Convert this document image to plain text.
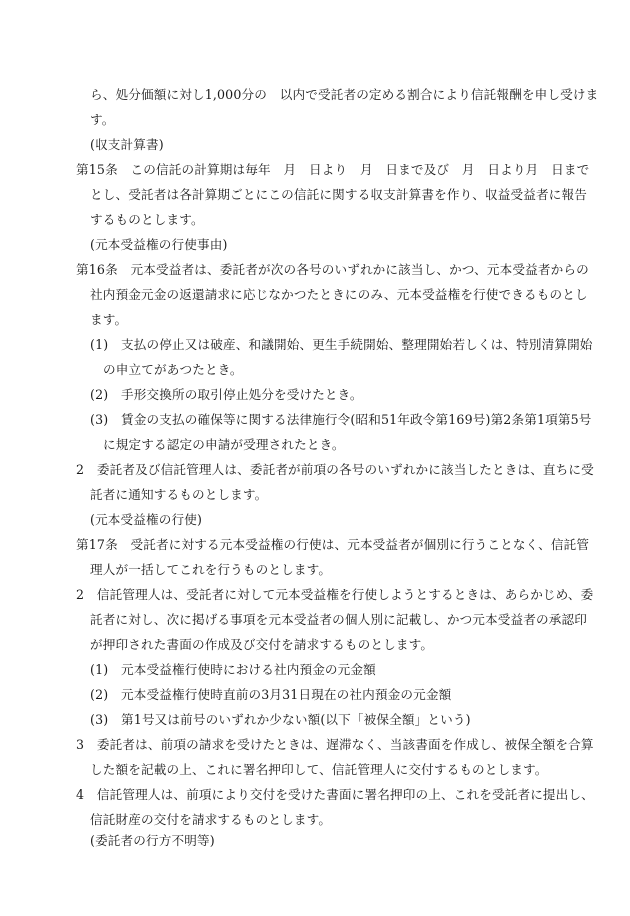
ら、処分価額に対し1,000分の　以内で受託者の定める割合により信託報酬を申し受けま
す。
(収支計算書)
第15条　この信託の計算期は毎年　月　日より　月　日まで及び　月　日より月　日まで
とし、受託者は各計算期ごとにこの信託に関する収支計算書を作り、収益受益者に報告
するものとします。
(元本受益権の行使事由)
第16条　元本受益者は、委託者が次の各号のいずれかに該当し、かつ、元本受益者からの
社内預金元金の返還請求に応じなかつたときにのみ、元本受益権を行使できるものとし
ます。
(1)　支払の停止又は破産、和議開始、更生手続開始、整理開始若しくは、特別清算開始
の申立てがあつたとき。
(2)　手形交換所の取引停止処分を受けたとき。
(3)　賃金の支払の確保等に関する法律施行令(昭和51年政令第169号)第2条第1項第5号
に規定する認定の申請が受理されたとき。
2　委託者及び信託管理人は、委託者が前項の各号のいずれかに該当したときは、直ちに受
託者に通知するものとします。
(元本受益権の行使)
第17条　受託者に対する元本受益権の行使は、元本受益者が個別に行うことなく、信託管
理人が一括してこれを行うものとします。
2　信託管理人は、受託者に対して元本受益権を行使しようとするときは、あらかじめ、委
託者に対し、次に掲げる事項を元本受益者の個人別に記載し、かつ元本受益者の承認印
が押印された書面の作成及び交付を請求するものとします。
(1)　元本受益権行使時における社内預金の元金額
(2)　元本受益権行使時直前の3月31日現在の社内預金の元金額
(3)　第1号又は前号のいずれか少ない額(以下「被保全額」という)
3　委託者は、前項の請求を受けたときは、遅滞なく、当該書面を作成し、被保全額を合算
した額を記載の上、これに署名押印して、信託管理人に交付するものとします。
4　信託管理人は、前項により交付を受けた書面に署名押印の上、これを受託者に提出し、
信託財産の交付を請求するものとします。
(委託者の行方不明等)
